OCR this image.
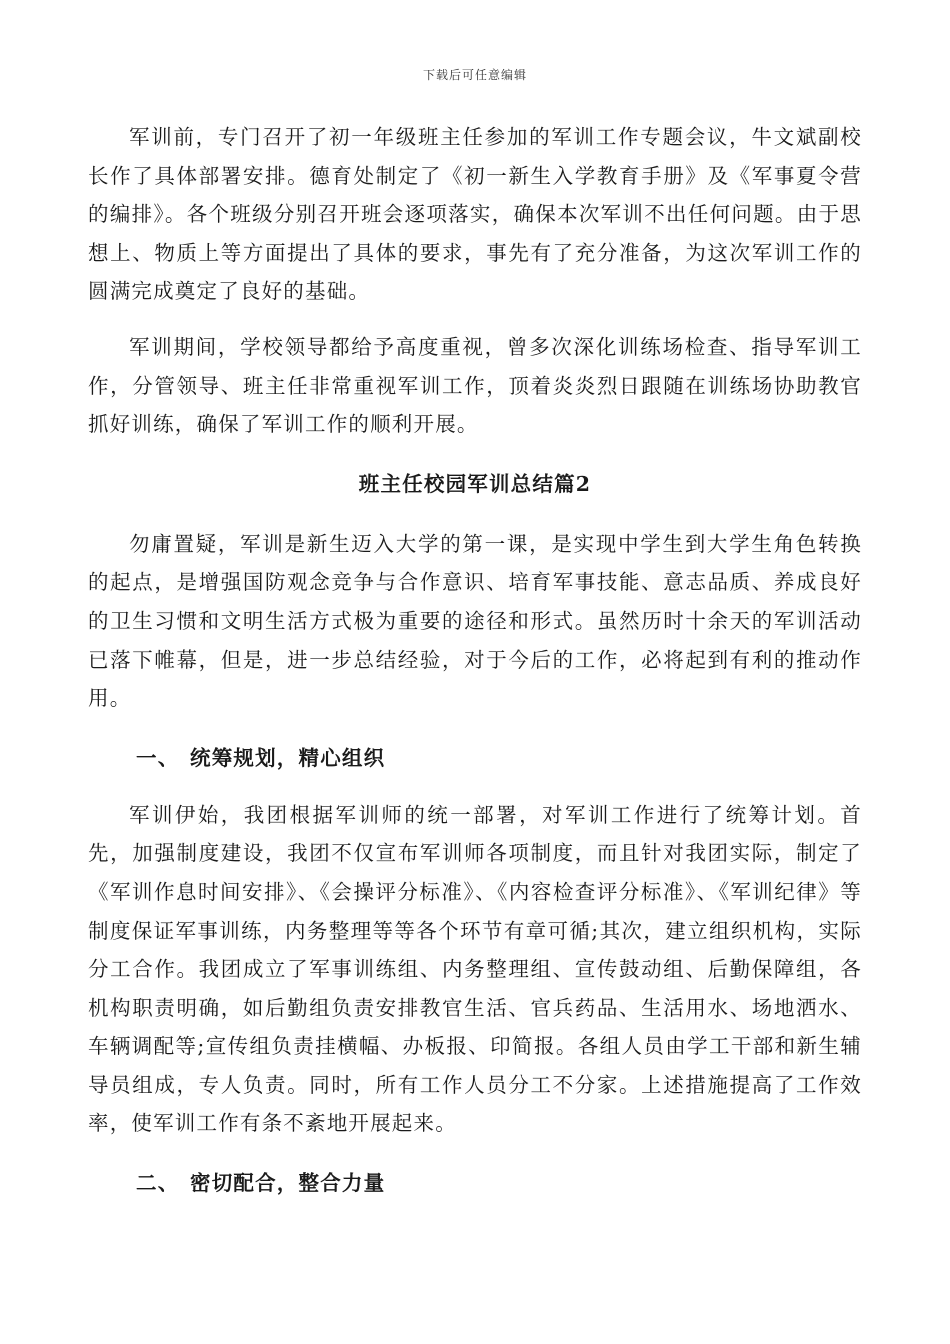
下载后可任意编辑

军训前，专门召开了初一年级班主任参加的军训工作专题会议，牛文斌副校长作了具体部署安排。德育处制定了《初一新生入学教育手册》及《军事夏令营的编排》。各个班级分别召开班会逐项落实，确保本次军训不出任何问题。由于思想上、物质上等方面提出了具体的要求，事先有了充分准备，为这次军训工作的圆满完成奠定了良好的基础。

军训期间，学校领导都给予高度重视，曾多次深化训练场检查、指导军训工作，分管领导、班主任非常重视军训工作，顶着炎炎烈日跟随在训练场协助教官抓好训练，确保了军训工作的顺利开展。

班主任校园军训总结篇2

勿庸置疑，军训是新生迈入大学的第一课，是实现中学生到大学生角色转换的起点，是增强国防观念竞争与合作意识、培育军事技能、意志品质、养成良好的卫生习惯和文明生活方式极为重要的途径和形式。虽然历时十余天的军训活动已落下帷幕，但是，进一步总结经验，对于今后的工作，必将起到有利的推动作用。

一、 统筹规划，精心组织

军训伊始，我团根据军训师的统一部署，对军训工作进行了统筹计划。首先，加强制度建设，我团不仅宣布军训师各项制度，而且针对我团实际，制定了《军训作息时间安排》、《会操评分标准》、《内容检查评分标准》、《军训纪律》等制度保证军事训练，内务整理等等各个环节有章可循;其次，建立组织机构，实际分工合作。我团成立了军事训练组、内务整理组、宣传鼓动组、后勤保障组，各机构职责明确，如后勤组负责安排教官生活、官兵药品、生活用水、场地洒水、车辆调配等;宣传组负责挂横幅、办板报、印简报。各组人员由学工干部和新生辅导员组成，专人负责。同时，所有工作人员分工不分家。上述措施提高了工作效率，使军训工作有条不紊地开展起来。

二、 密切配合，整合力量
